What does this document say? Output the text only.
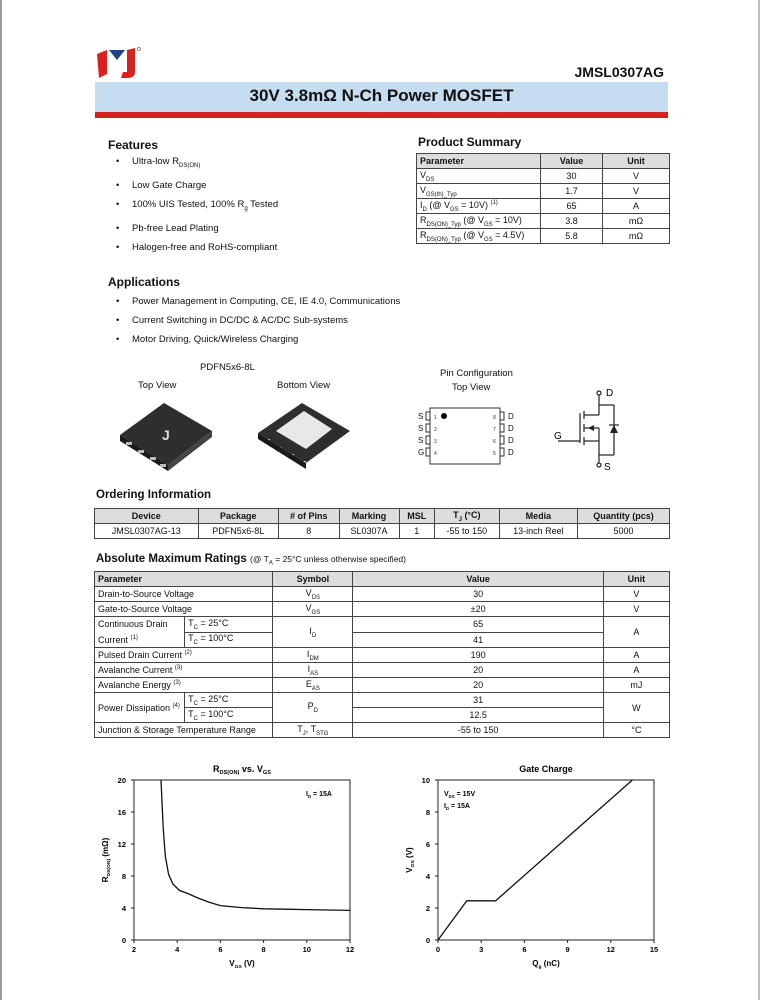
JMSL0307AG
30V 3.8mΩ N-Ch Power MOSFET
Features
• Ultra-low $R_{DS(ON)}$
• Low Gate Charge
• 100% UIS Tested, 100% $R_g$ Tested
• Pb-free Lead Plating
• Halogen-free and RoHS-compliant
Product Summary
Parameter	Value	Unit
$V_{DS}$	30	V
$V_{GS(th)\_Typ}$	1.7	V
$I_D$ (@ $V_{GS} = 10V$) $^{(1)}$	65	A
$R_{DS(ON)\_Typ}$ (@ $V_{GS} = 10V$)	3.8	mΩ
$R_{DS(ON)\_Typ}$ (@ $V_{GS} = 4.5V$)	5.8	mΩ
Applications
• Power Management in Computing, CE, IE 4.0, Communications
• Current Switching in DC/DC & AC/DC Sub-systems
• Motor Driving, Quick/Wireless Charging
PDFN5x6-8L
Top View	Bottom View
Pin Configuration
Top View
J
S
S
S
G
D
D
D
D
1
2
3
4
8
7
6
5
D
G
S
Ordering Information
Device	Package	# of Pins	Marking	MSL	$T_J$ (°C)	Media	Quantity (pcs)
JMSL0307AG-13	PDFN5x6-8L	8	SL0307A	1	-55 to 150	13-inch Reel	5000
Absolute Maximum Ratings (@ $T_A = 25^\circ C$ unless otherwise specified)
Parameter		Symbol	Value	Unit
Drain-to-Source Voltage		$V_{DS}$	30	V
Gate-to-Source Voltage		$V_{GS}$	±20	V
Continuous Drain Current $^{(1)}$	$T_C = 25^\circ C$	$I_D$	65	A
	$T_C = 100^\circ C$		41	
Pulsed Drain Current $^{(2)}$		$I_{DM}$	190	A
Avalanche Current $^{(3)}$		$I_{AS}$	20	A
Avalanche Energy $^{(3)}$		$E_{AS}$	20	mJ
Power Dissipation $^{(4)}$	$T_C = 25^\circ C$	$P_D$	31	W
	$T_C = 100^\circ C$		12.5	
Junction & Storage Temperature Range		$T_J$, $T_{STG}$	-55 to 150	°C
2	4	6	8	10	12
0
4
8
12
16
20
$R_{DS(ON)}$ vs. $V_{GS}$
$V_{GS}$ (V)
$R_{DS(ON)}$ (mΩ)
$I_D = 15A$
0	3	6	9	12	15
0
2
4
6
8
10
Gate Charge
$Q_g$ (nC)
$V_{GS}$ (V)
$V_{DS} = 15V$
$I_D = 15A$
